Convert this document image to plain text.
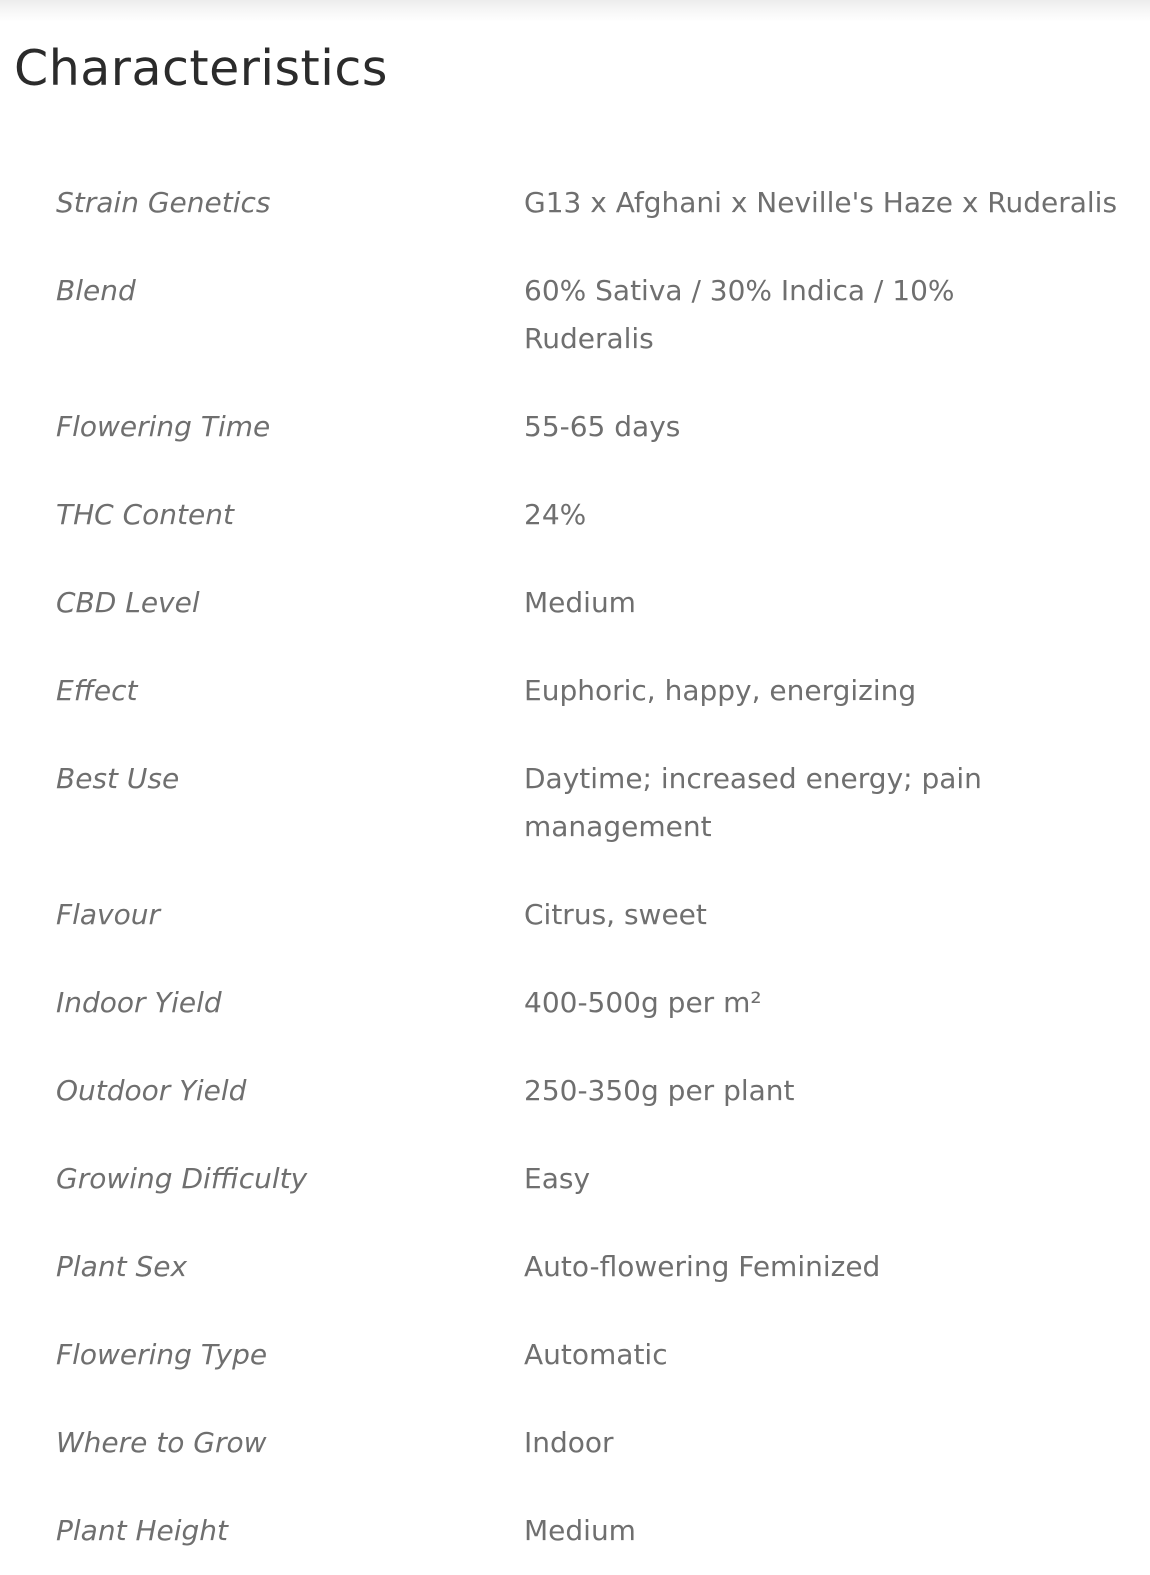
Characteristics
Strain Genetics	G13 x Afghani x Neville's Haze x Ruderalis
Blend	60% Sativa / 30% Indica / 10% Ruderalis
Flowering Time	55-65 days
THC Content	24%
CBD Level	Medium
Effect	Euphoric, happy, energizing
Best Use	Daytime; increased energy; pain management
Flavour	Citrus, sweet
Indoor Yield	400-500g per m²
Outdoor Yield	250-350g per plant
Growing Difficulty	Easy
Plant Sex	Auto-flowering Feminized
Flowering Type	Automatic
Where to Grow	Indoor
Plant Height	Medium
